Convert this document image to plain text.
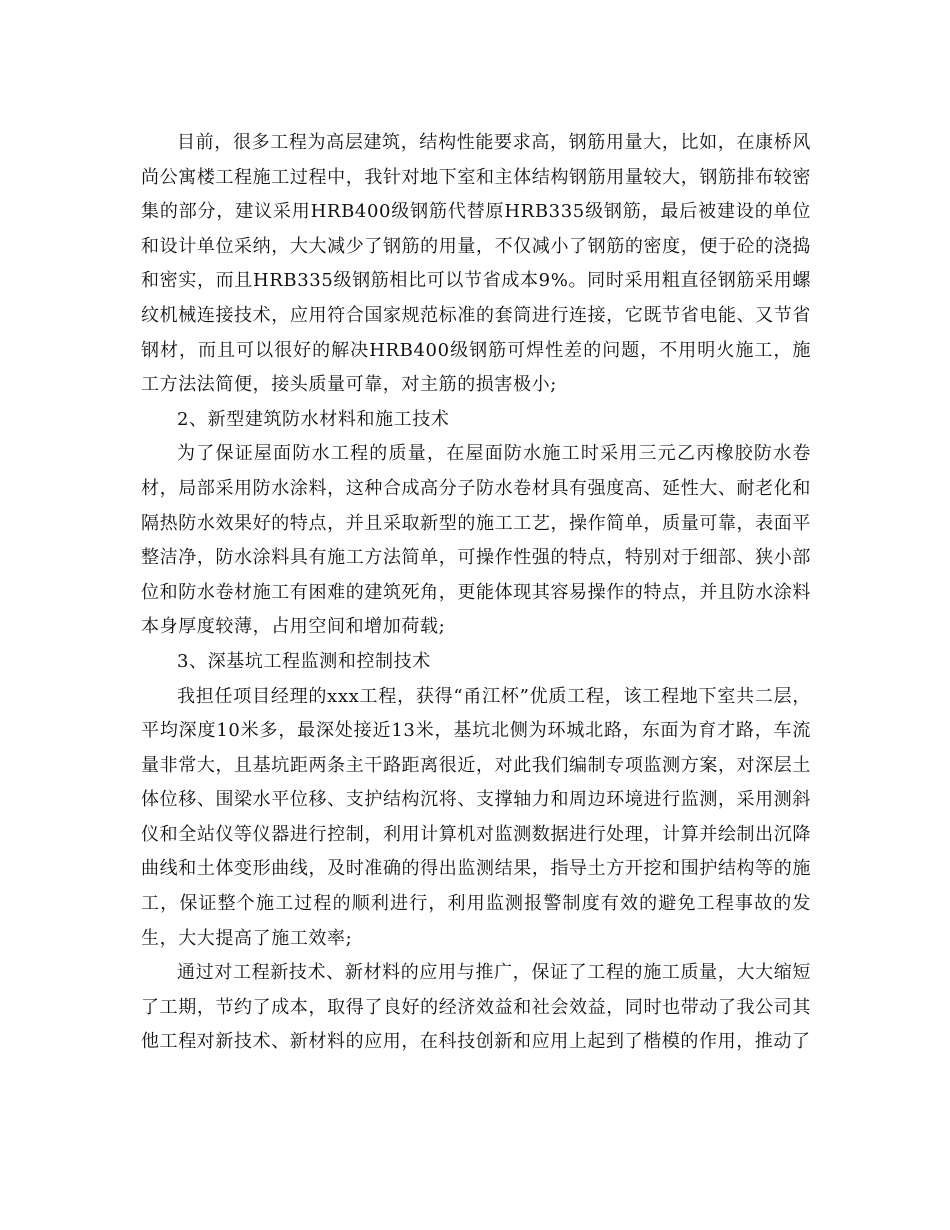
目前，很多工程为高层建筑，结构性能要求高，钢筋用量大，比如，在康桥风尚公寓楼工程施工过程中，我针对地下室和主体结构钢筋用量较大，钢筋排布较密集的部分，建议采用HRB400级钢筋代替原HRB335级钢筋，最后被建设的单位和设计单位采纳，大大减少了钢筋的用量，不仅减小了钢筋的密度，便于砼的浇捣和密实，而且HRB335级钢筋相比可以节省成本9%。同时采用粗直径钢筋采用螺纹机械连接技术，应用符合国家规范标准的套筒进行连接，它既节省电能、又节省钢材，而且可以很好的解决HRB400级钢筋可焊性差的问题，不用明火施工，施工方法法简便，接头质量可靠，对主筋的损害极小;

2、新型建筑防水材料和施工技术

为了保证屋面防水工程的质量，在屋面防水施工时采用三元乙丙橡胶防水卷材，局部采用防水涂料，这种合成高分子防水卷材具有强度高、延性大、耐老化和隔热防水效果好的特点，并且采取新型的施工工艺，操作简单，质量可靠，表面平整洁净，防水涂料具有施工方法简单，可操作性强的特点，特别对于细部、狭小部位和防水卷材施工有困难的建筑死角，更能体现其容易操作的特点，并且防水涂料本身厚度较薄，占用空间和增加荷载;

3、深基坑工程监测和控制技术

我担任项目经理的xxx工程，获得“甬江杯”优质工程，该工程地下室共二层，平均深度10米多，最深处接近13米，基坑北侧为环城北路，东面为育才路，车流量非常大，且基坑距两条主干路距离很近，对此我们编制专项监测方案，对深层土体位移、围梁水平位移、支护结构沉将、支撑轴力和周边环境进行监测，采用测斜仪和全站仪等仪器进行控制，利用计算机对监测数据进行处理，计算并绘制出沉降曲线和土体变形曲线，及时准确的得出监测结果，指导土方开挖和围护结构等的施工，保证整个施工过程的顺利进行，利用监测报警制度有效的避免工程事故的发生，大大提高了施工效率;

通过对工程新技术、新材料的应用与推广，保证了工程的施工质量，大大缩短了工期，节约了成本，取得了良好的经济效益和社会效益，同时也带动了我公司其他工程对新技术、新材料的应用，在科技创新和应用上起到了楷模的作用，推动了
